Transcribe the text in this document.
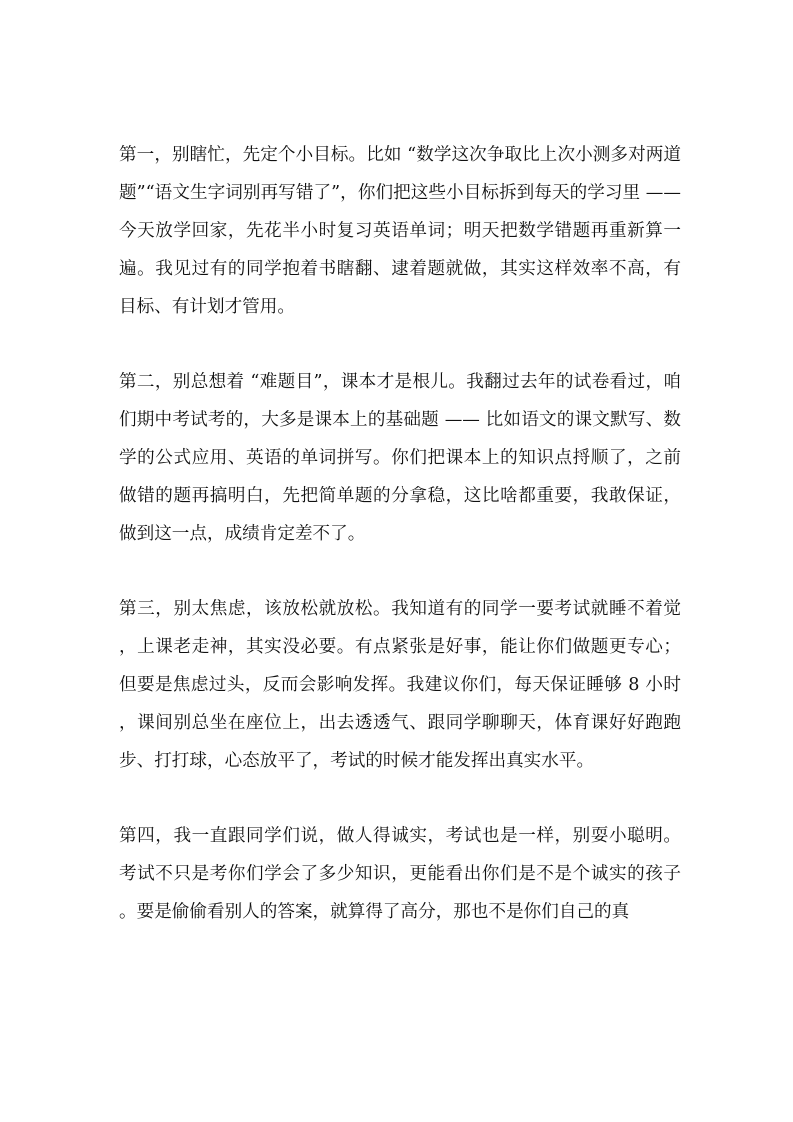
第一，别瞎忙，先定个小目标。比如 “数学这次争取比上次小测多对两道题”“语文生字词别再写错了”，你们把这些小目标拆到每天的学习里 —— 今天放学回家，先花半小时复习英语单词；明天把数学错题再重新算一遍。我见过有的同学抱着书瞎翻、逮着题就做，其实这样效率不高，有目标、有计划才管用。

第二，别总想着 “难题目”，课本才是根儿。我翻过去年的试卷看过，咱们期中考试考的，大多是课本上的基础题 —— 比如语文的课文默写、数学的公式应用、英语的单词拼写。你们把课本上的知识点捋顺了，之前做错的题再搞明白，先把简单题的分拿稳，这比啥都重要，我敢保证，做到这一点，成绩肯定差不了。

第三，别太焦虑，该放松就放松。我知道有的同学一要考试就睡不着觉，上课老走神，其实没必要。有点紧张是好事，能让你们做题更专心；但要是焦虑过头，反而会影响发挥。我建议你们，每天保证睡够 8 小时，课间别总坐在座位上，出去透透气、跟同学聊聊天，体育课好好跑跑步、打打球，心态放平了，考试的时候才能发挥出真实水平。

第四，我一直跟同学们说，做人得诚实，考试也是一样，别耍小聪明。考试不只是考你们学会了多少知识，更能看出你们是不是个诚实的孩子。要是偷偷看别人的答案，就算得了高分，那也不是你们自己的真
